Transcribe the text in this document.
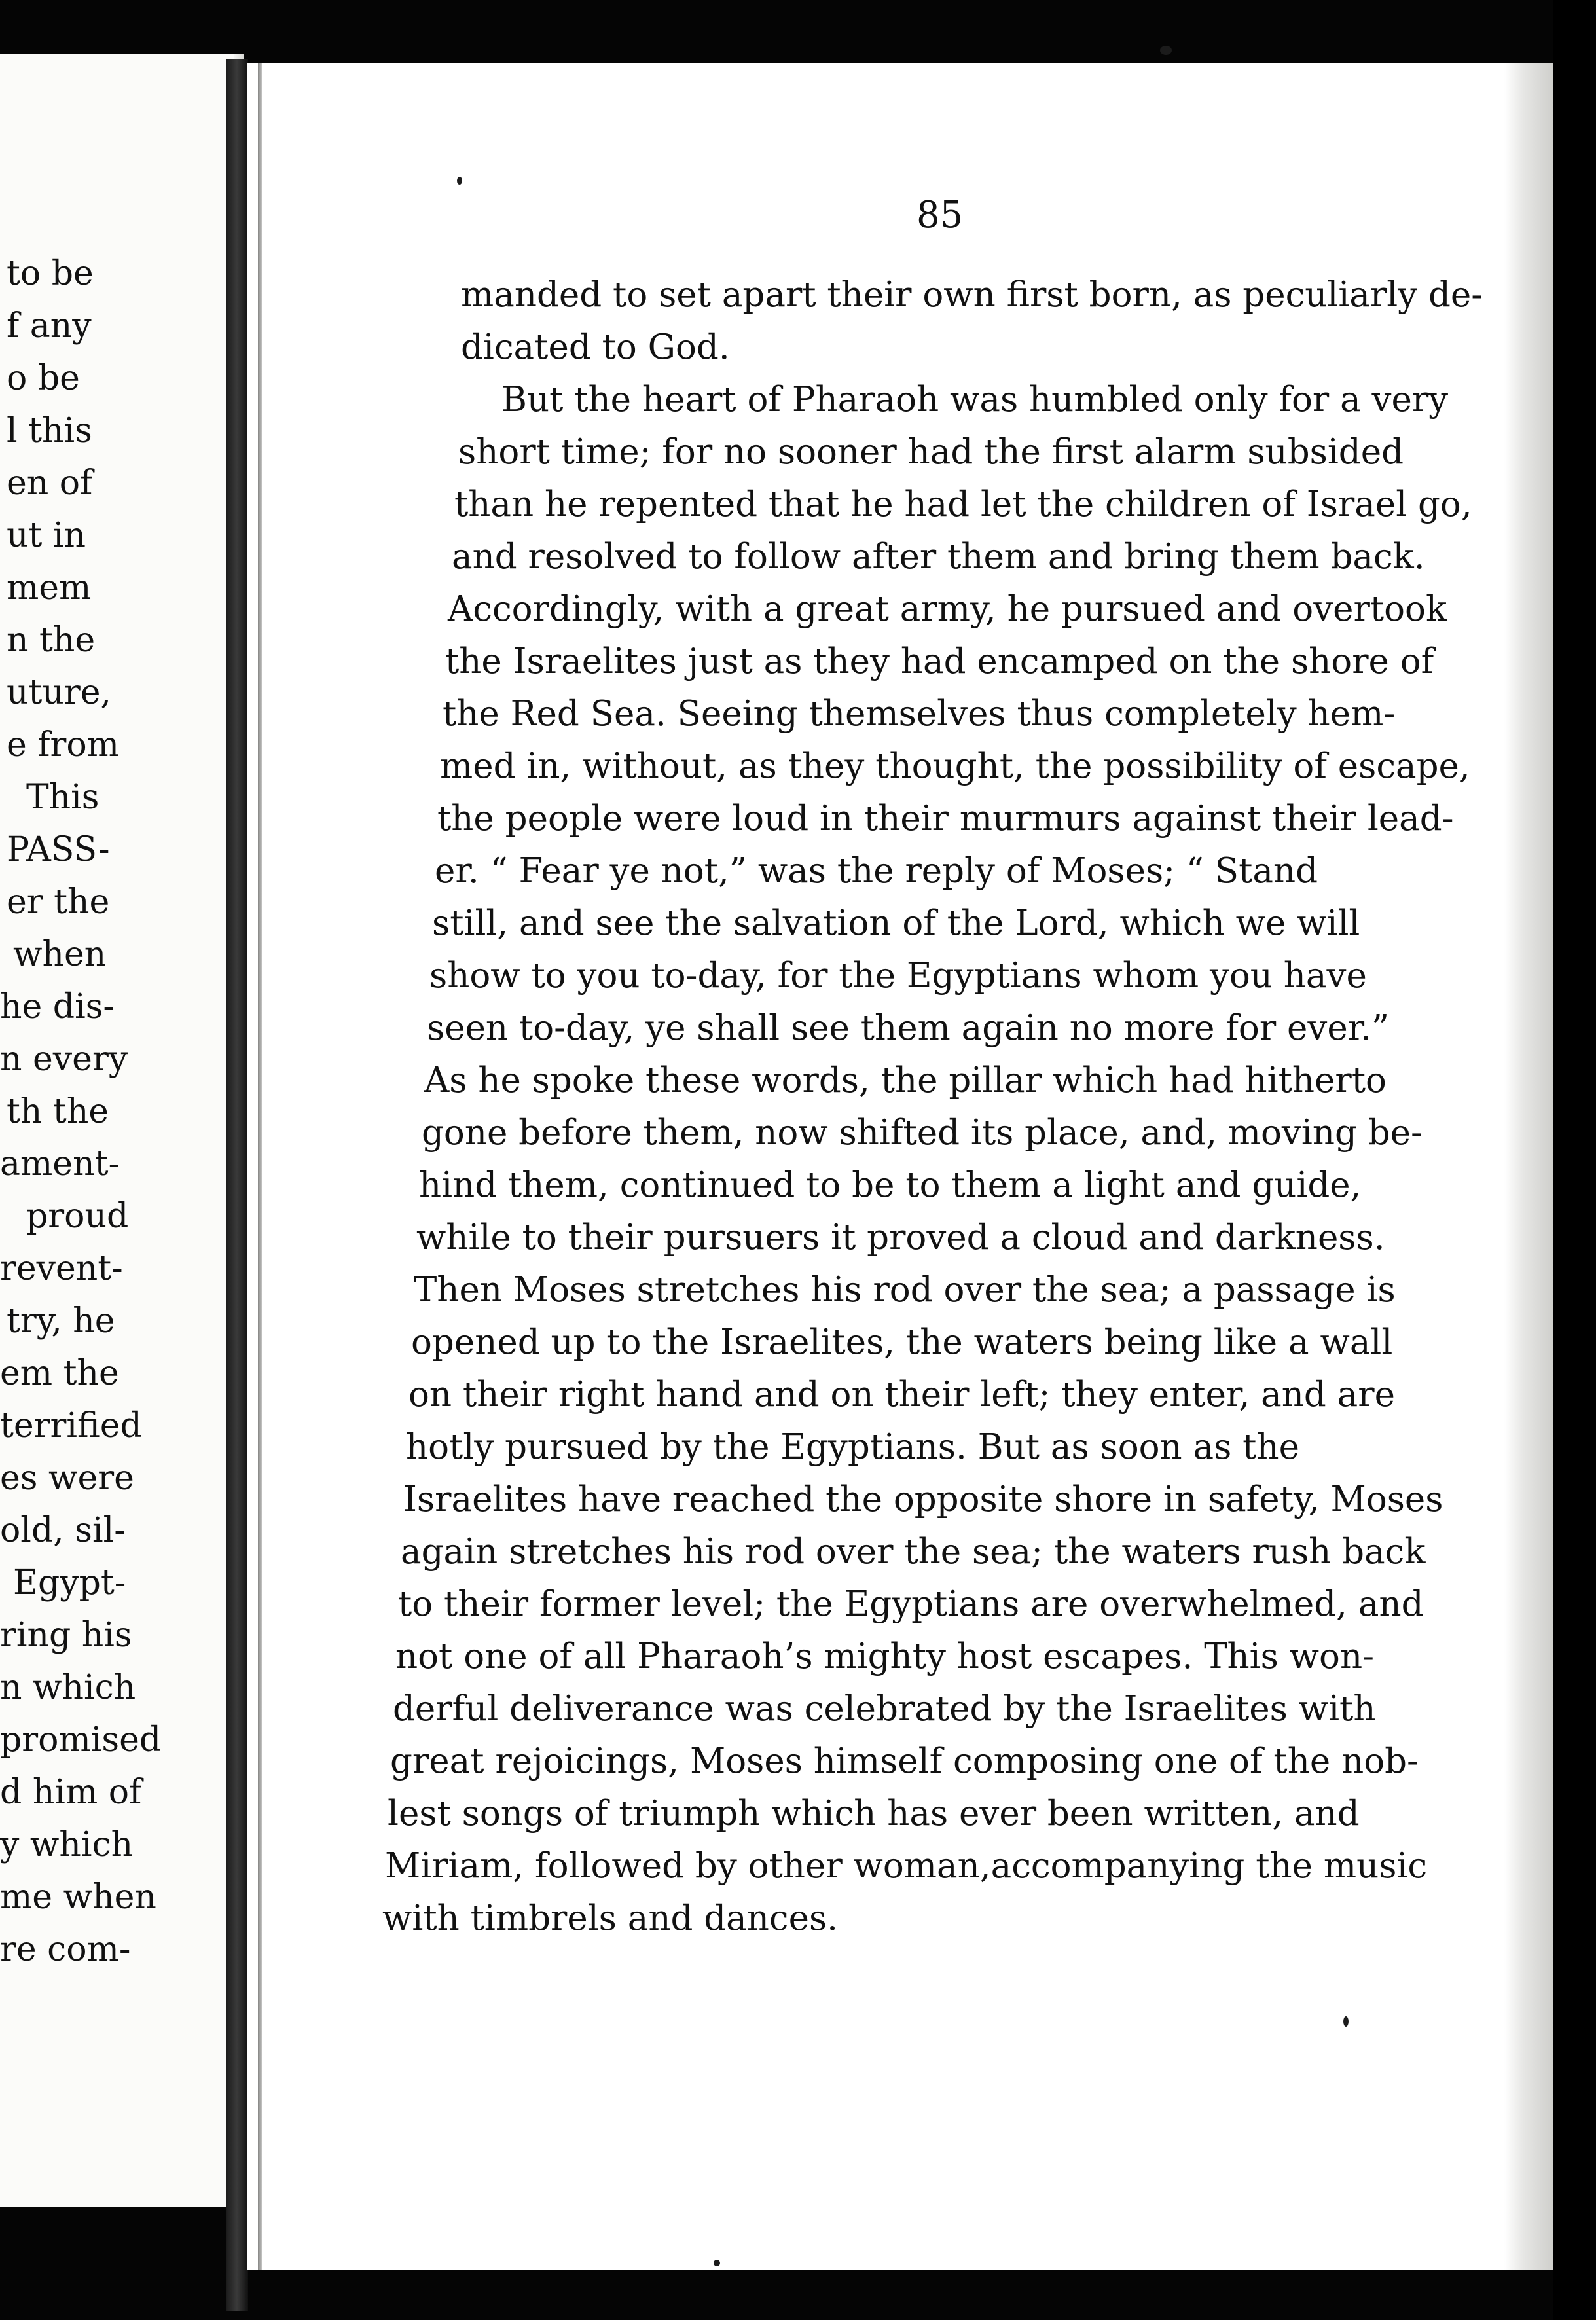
to be
f any
o be
l this
en of
ut in
mem
n the
uture,
e from
This
PASS-
er the
when
he dis-
n every
th the
ament-
proud
revent-
try, he
em the
terrified
es were
old, sil-
Egypt-
ring his
n which
promised
d him of
y which
me when
re com-
85
manded to set apart their own first born, as peculiarly de-
dicated to God.
But the heart of Pharaoh was humbled only for a very
short time; for no sooner had the first alarm subsided
than he repented that he had let the children of Israel go,
and resolved to follow after them and bring them back.
Accordingly, with a great army, he pursued and overtook
the Israelites just as they had encamped on the shore of
the Red Sea. Seeing themselves thus completely hem-
med in, without, as they thought, the possibility of escape,
the people were loud in their murmurs against their lead-
er. “ Fear ye not,” was the reply of Moses; “ Stand
still, and see the salvation of the Lord, which we will
show to you to-day, for the Egyptians whom you have
seen to-day, ye shall see them again no more for ever.”
As he spoke these words, the pillar which had hitherto
gone before them, now shifted its place, and, moving be-
hind them, continued to be to them a light and guide,
while to their pursuers it proved a cloud and darkness.
Then Moses stretches his rod over the sea; a passage is
opened up to the Israelites, the waters being like a wall
on their right hand and on their left; they enter, and are
hotly pursued by the Egyptians. But as soon as the
Israelites have reached the opposite shore in safety, Moses
again stretches his rod over the sea; the waters rush back
to their former level; the Egyptians are overwhelmed, and
not one of all Pharaoh’s mighty host escapes. This won-
derful deliverance was celebrated by the Israelites with
great rejoicings, Moses himself composing one of the nob-
lest songs of triumph which has ever been written, and
Miriam, followed by other woman,accompanying the music
with timbrels and dances.
